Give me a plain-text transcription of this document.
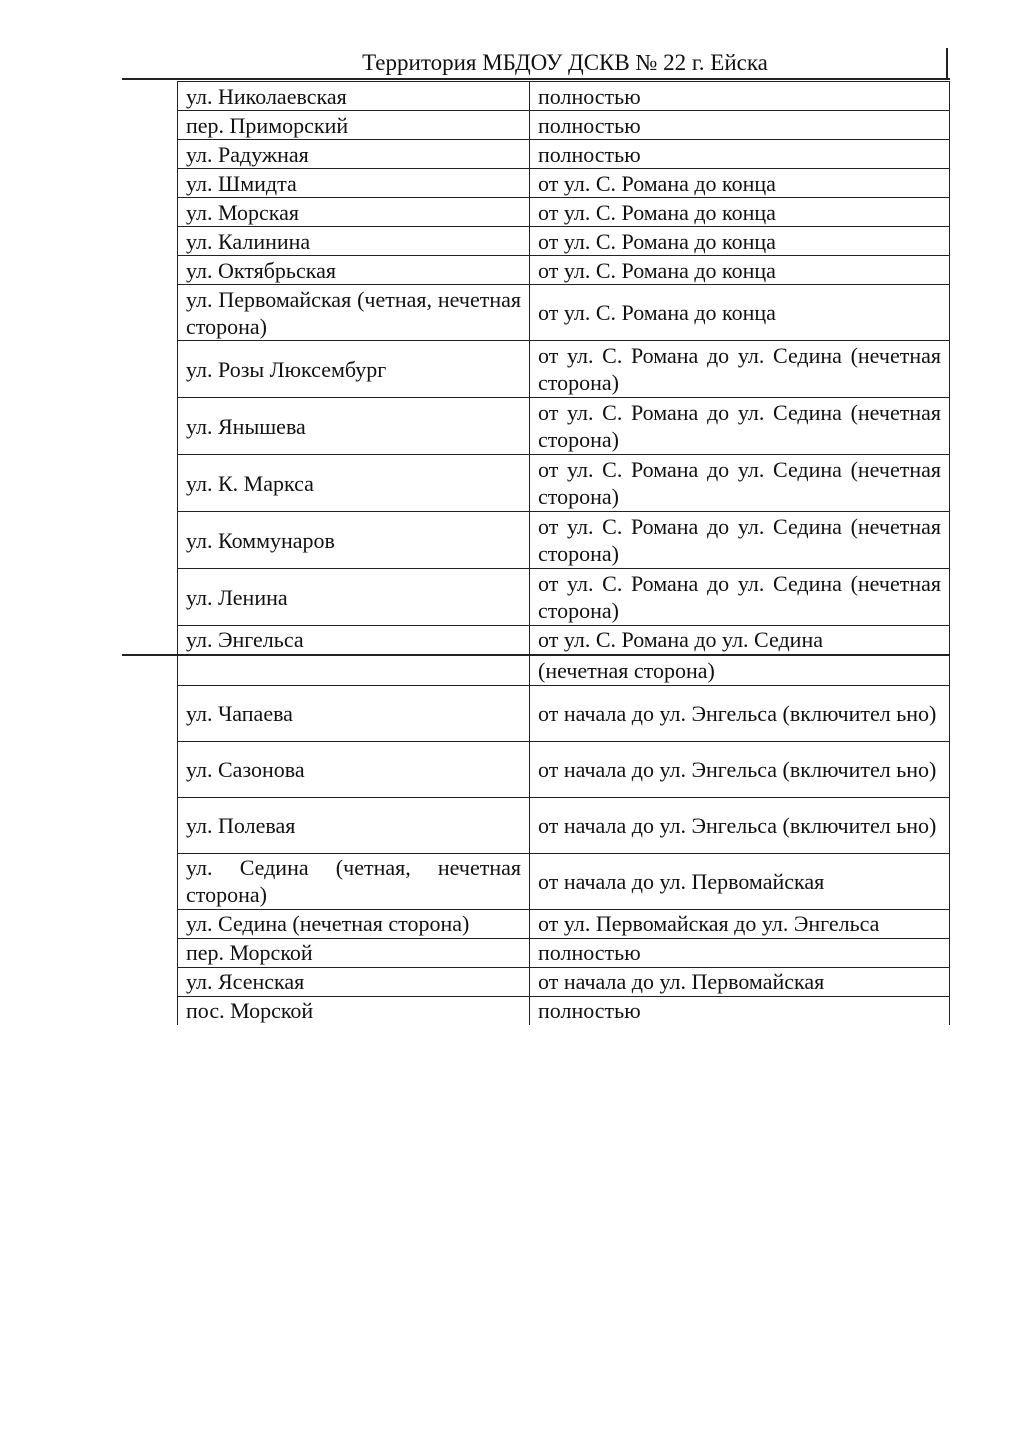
Территория МБДОУ ДСКВ № 22 г. Ейска
ул. Николаевская	полностью
пер. Приморский	полностью
ул. Радужная	полностью
ул. Шмидта	от ул. С. Романа до конца
ул. Морская	от ул. С. Романа до конца
ул. Калинина	от ул. С. Романа до конца
ул. Октябрьская	от ул. С. Романа до конца
ул. Первомайская (четная, нечетная сторона)	от ул. С. Романа до конца
ул. Розы Люксембург	от ул. С. Романа до ул. Седина (нечетная сторона)
ул. Янышева	от ул. С. Романа до ул. Седина (нечетная сторона)
ул. К. Маркса	от ул. С. Романа до ул. Седина (нечетная сторона)
ул. Коммунаров	от ул. С. Романа до ул. Седина (нечетная сторона)
ул. Ленина	от ул. С. Романа до ул. Седина (нечетная сторона)
ул. Энгельса	от ул. С. Романа до ул. Седина
	(нечетная сторона)
ул. Чапаева	от начала до ул. Энгельса (включител ьно)
ул. Сазонова	от начала до ул. Энгельса (включител ьно)
ул. Полевая	от начала до ул. Энгельса (включител ьно)
ул. Седина (четная, нечетная сторона)	от начала до ул. Первомайская
ул. Седина (нечетная сторона)	от ул. Первомайская до ул. Энгельса
пер. Морской	полностью
ул. Ясенская	от начала до ул. Первомайская
пос. Морской	полностью
